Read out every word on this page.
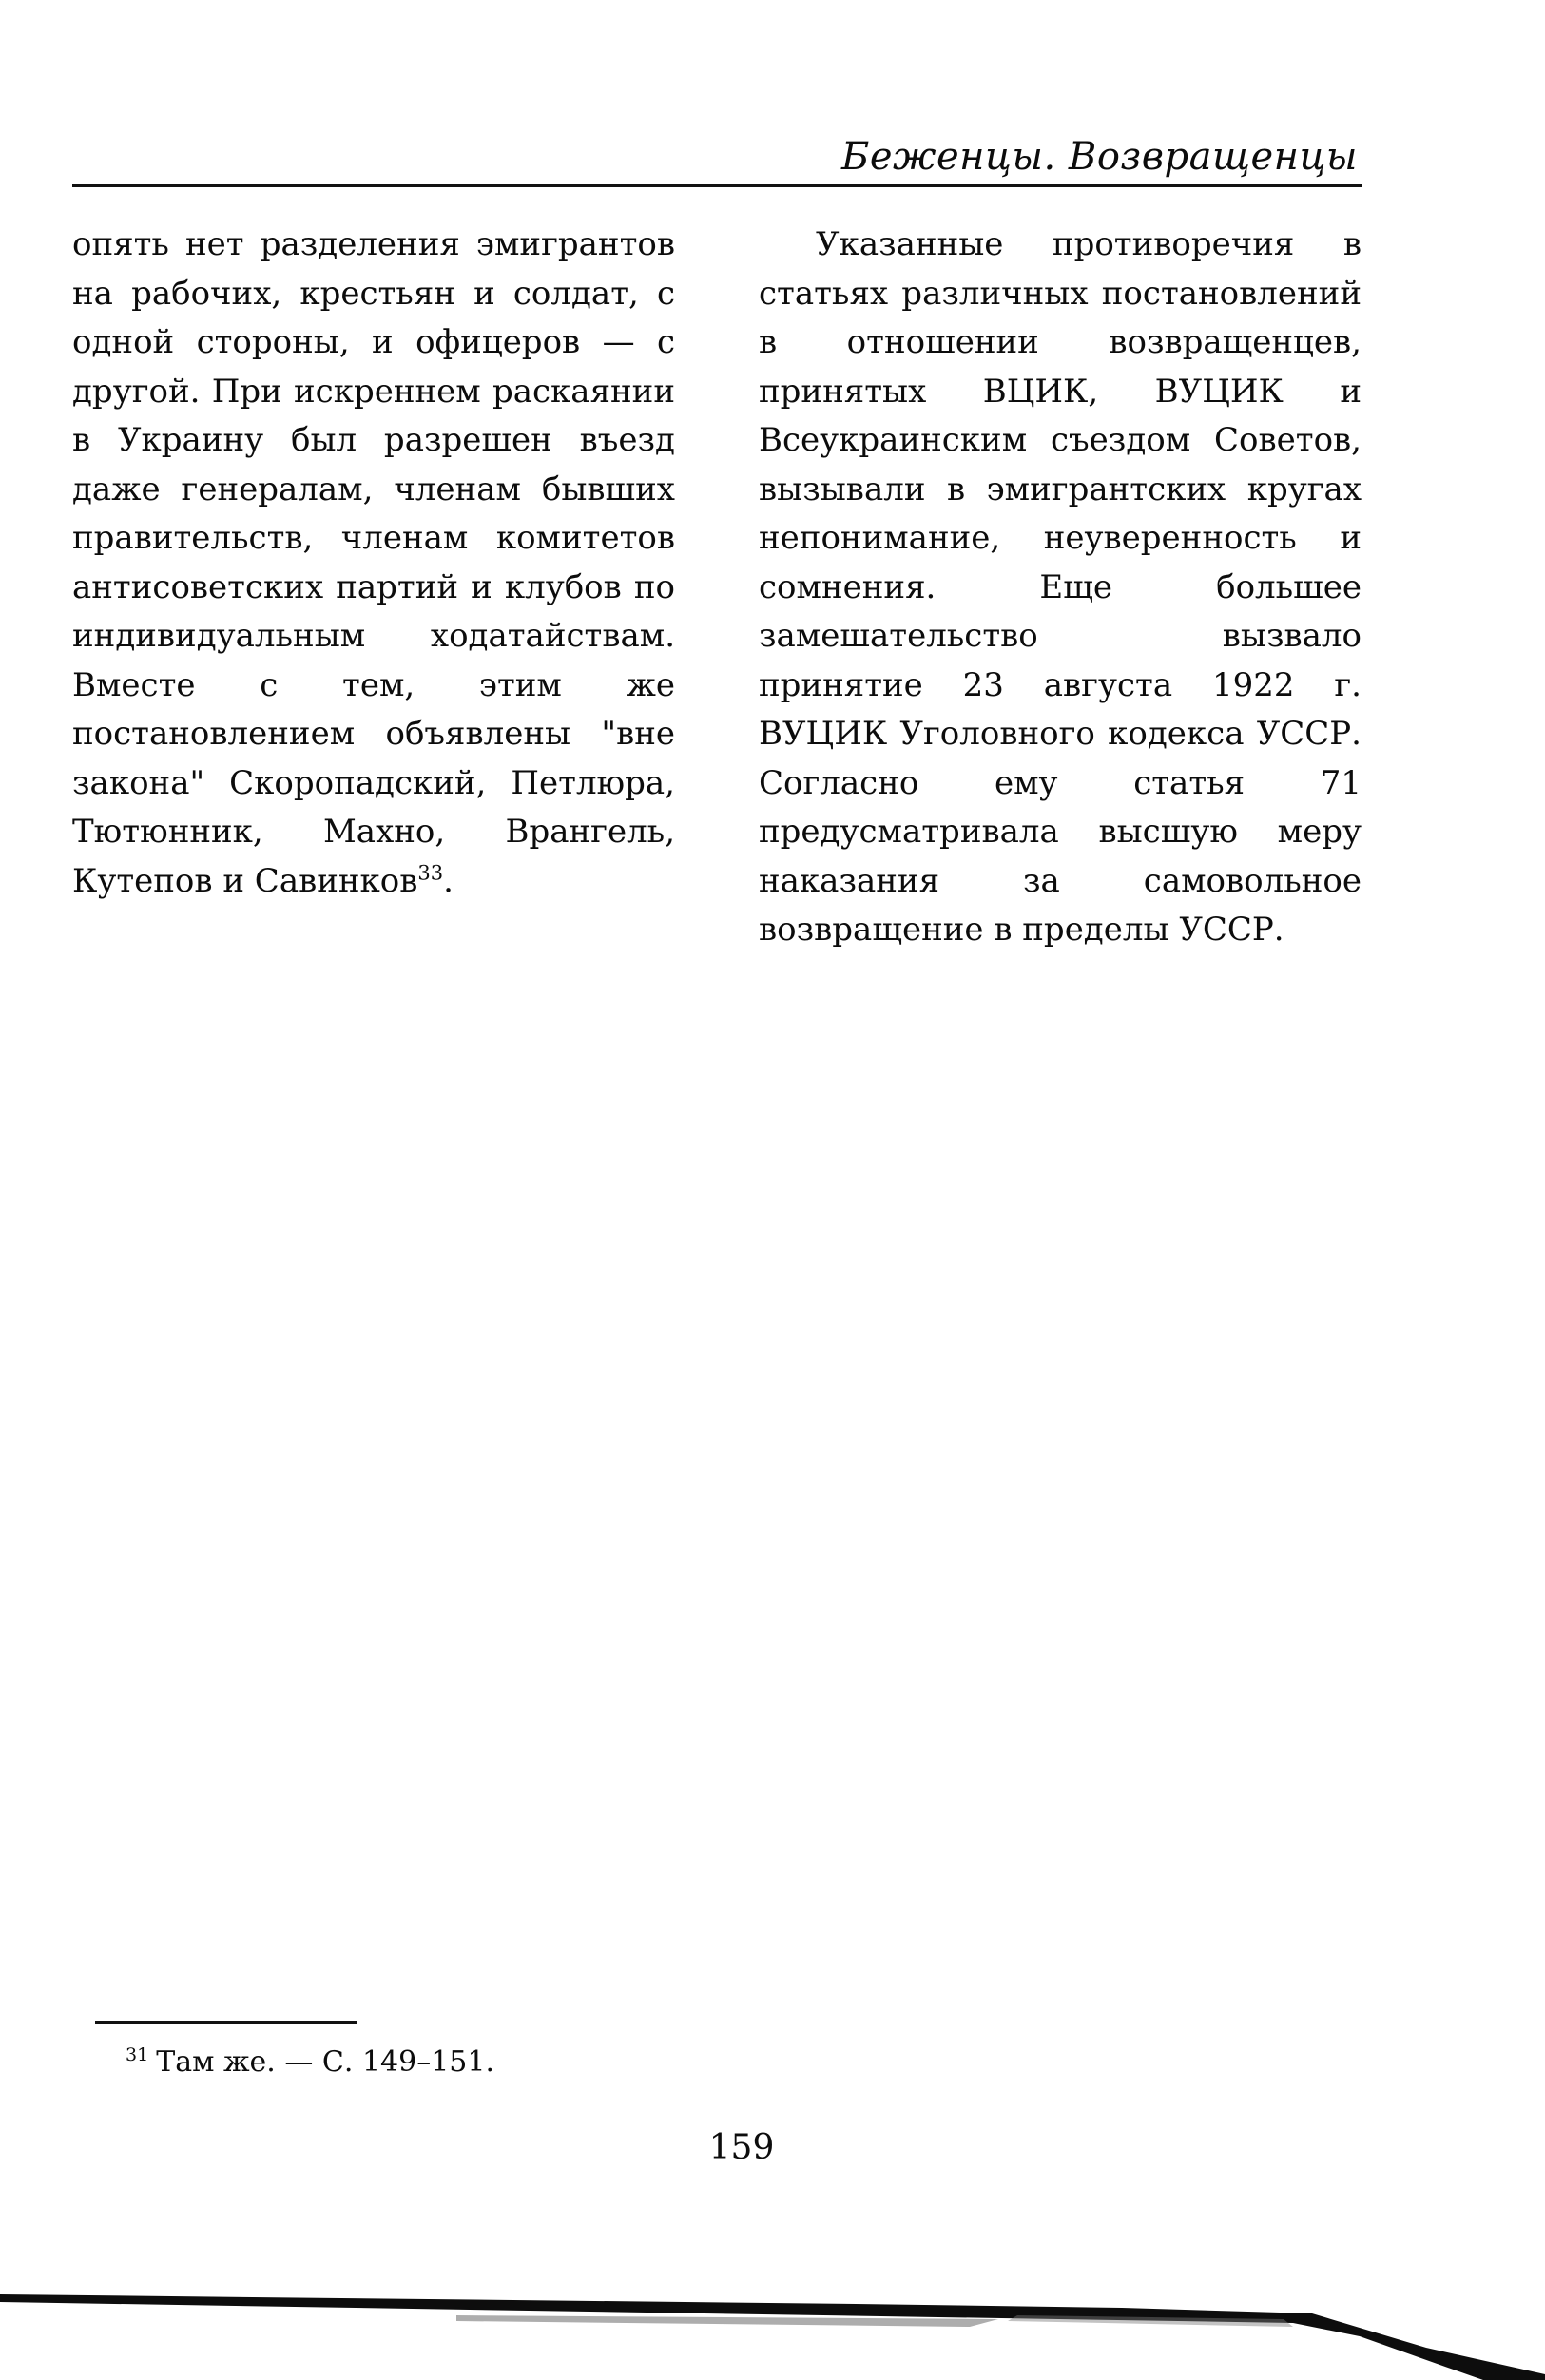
Беженцы. Возвращенцы

опять нет разделения эмигрантов на рабочих, крестьян и солдат, с одной стороны, и офицеров — с другой. При искреннем раскаянии в Украину был разрешен въезд даже генералам, членам бывших правительств, членам комитетов антисоветских партий и клубов по индивидуальным ходатайствам. Вместе с тем, этим же постановлением объявлены "вне закона" Скоропадский, Петлюра, Тютюнник, Махно, Врангель, Кутепов и Савинков$^{33}$.

Указанные противоречия в статьях различных постановлений в отношении возвращенцев, принятых ВЦИК, ВУЦИК и Всеукраинским съездом Советов, вызывали в эмигрантских кругах непонимание, неуверенность и сомнения. Еще большее замешательство вызвало принятие 23 августа 1922 г. ВУЦИК Уголовного кодекса УССР. Согласно ему статья 71 предусматривала высшую меру наказания за самовольное возвращение в пределы УССР.

$^{31}$ Там же. — С. 149–151.
159
